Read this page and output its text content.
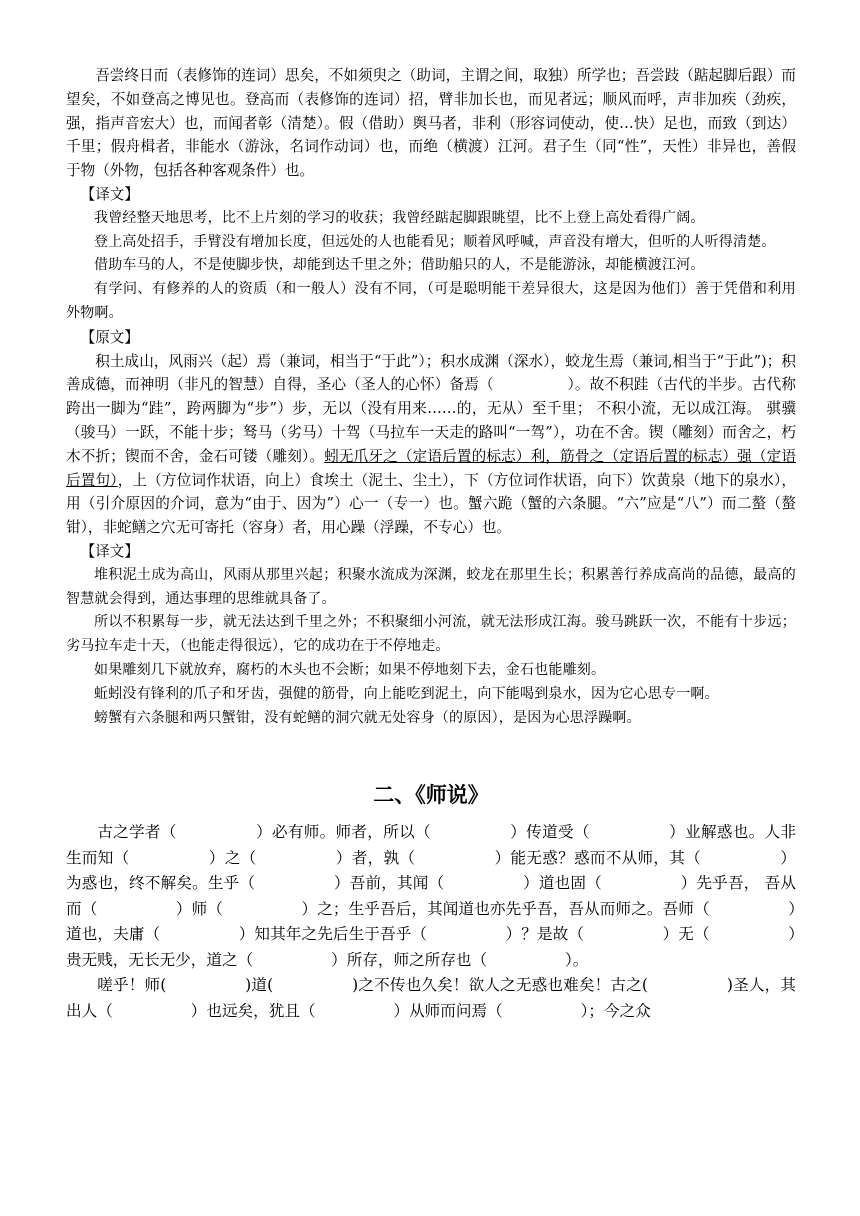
吾尝终日而（表修饰的连词）思矣，不如须臾之（助词，主谓之间，取独）所学也；吾尝跂（踮起脚后跟）而望矣，不如登高之博见也。登高而（表修饰的连词）招，臂非加长也，而见者远；顺风而呼，声非加疾（劲疾，强，指声音宏大）也，而闻者彰（清楚）。假（借助）舆马者，非利（形容词使动，使…快）足也，而致（到达）千里；假舟楫者，非能水（游泳，名词作动词）也，而绝（横渡）江河。君子生（同“性”，天性）非异也，善假于物（外物，包括各种客观条件）也。

【译文】

我曾经整天地思考，比不上片刻的学习的收获；我曾经踮起脚跟眺望，比不上登上高处看得广阔。

登上高处招手，手臂没有增加长度，但远处的人也能看见；顺着风呼喊，声音没有增大，但听的人听得清楚。

借助车马的人，不是使脚步快，却能到达千里之外；借助船只的人，不是能游泳，却能横渡江河。

有学问、有修养的人的资质（和一般人）没有不同，（可是聪明能干差异很大，这是因为他们）善于凭借和利用外物啊。

【原文】

积土成山，风雨兴（起）焉（兼词，相当于“于此”）；积水成渊（深水），蛟龙生焉（兼词,相当于“于此”)；积善成德，而神明（非凡的智慧）自得，圣心（圣人的心怀）备焉（　　　　　）。故不积跬（古代的半步。古代称跨出一脚为“跬”，跨两脚为“步”）步，无以（没有用来……的，无从）至千里； 不积小流，无以成江海。 骐骥（骏马）一跃，不能十步；驽马（劣马）十驾（马拉车一天走的路叫“一驾”），功在不舍。锲（雕刻）而舍之，朽木不折；锲而不舍，金石可镂（雕刻）。蚓无爪牙之（定语后置的标志）利，筋骨之（定语后置的标志）强（定语后置句），上（方位词作状语，向上）食埃土（泥土、尘土），下（方位词作状语，向下）饮黄泉（地下的泉水），用（引介原因的介词，意为“由于、因为”）心一（专一）也。蟹六跪（蟹的六条腿。“六”应是“八”）而二螯（螯钳），非蛇鳝之穴无可寄托（容身）者，用心躁（浮躁，不专心）也。

【译文】

堆积泥土成为高山，风雨从那里兴起；积聚水流成为深渊，蛟龙在那里生长；积累善行养成高尚的品德，最高的智慧就会得到，通达事理的思维就具备了。

所以不积累每一步，就无法达到千里之外；不积聚细小河流，就无法形成江海。骏马跳跃一次，不能有十步远；劣马拉车走十天，（也能走得很远），它的成功在于不停地走。

如果雕刻几下就放弃，腐朽的木头也不会断；如果不停地刻下去，金石也能雕刻。

蚯蚓没有锋利的爪子和牙齿，强健的筋骨，向上能吃到泥土，向下能喝到泉水，因为它心思专一啊。

螃蟹有六条腿和两只蟹钳，没有蛇鳝的洞穴就无处容身（的原因），是因为心思浮躁啊。

二、《师说》

古之学者（　　　　　）必有师。师者，所以（　　　　　）传道受（　　　　　）业解惑也。人非生而知（　　　　　）之（　　　　　）者，孰（　　　　　）能无惑？惑而不从师，其（　　　　　）为惑也，终不解矣。生乎（　　　　　）吾前，其闻（　　　　　）道也固（　　　　　）先乎吾， 吾从而（　　　　　）师（　　　　　）之；生乎吾后，其闻道也亦先乎吾，吾从而师之。吾师（　　　　　）道也，夫庸（　　　　　）知其年之先后生于吾乎（　　　　　）？是故（　　　　　）无（　　　　　）贵无贱，无长无少，道之（　　　　　）所存，师之所存也（　　　　　）。

嗟乎！师(　　　　　)道(　　　　　)之不传也久矣！欲人之无惑也难矣！古之(　　　　　)圣人，其出人（　　　　　）也远矣，犹且（　　　　　）从师而问焉（　　　　　）；今之众
